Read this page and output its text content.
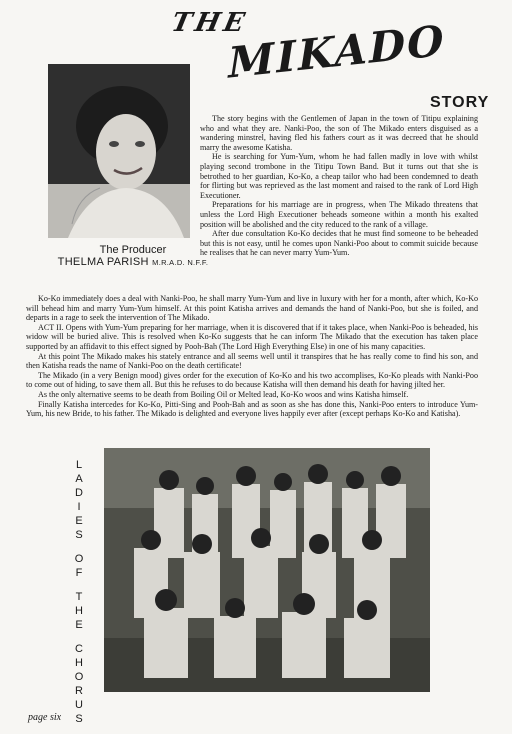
THE
MIKADO
STORY
The Producer
THELMA PARISH M.R.A.D. N.F.F.

The story begins with the Gentlemen of Japan in the town of Titipu explaining who and what they are. Nanki-Poo, the son of The Mikado enters disguised as a wandering minstrel, having fled his fathers court as it was decreed that he should marry the awesome Katisha.

He is searching for Yum-Yum, whom he had fallen madly in love with whilst playing second trombone in the Titipu Town Band. But it turns out that she is betrothed to her guardian, Ko-Ko, a cheap tailor who had been condemned to death for flirting but was reprieved as the last moment and raised to the rank of Lord High Executioner.

Preparations for his marriage are in progress, when The Mikado threatens that unless the Lord High Executioner beheads someone within a month his exalted position will be abolished and the city reduced to the rank of a village.

After due consultation Ko-Ko decides that he must find someone to be beheaded but this is not easy, until he comes upon Nanki-Poo about to commit suicide because he realises that he can never marry Yum-Yum.

Ko-Ko immediately does a deal with Nanki-Poo, he shall marry Yum-Yum and live in luxury with her for a month, after which, Ko-Ko will behead him and marry Yum-Yum himself. At this point Katisha arrives and demands the hand of Nanki-Poo, but she is foiled, and departs in a rage to seek the intervention of The Mikado.

ACT II. Opens with Yum-Yum preparing for her marriage, when it is discovered that if it takes place, when Nanki-Poo is beheaded, his widow will be buried alive. This is resolved when Ko-Ko suggests that he can inform The Mikado that the execution has taken place supported by an affidavit to this effect signed by Pooh-Bah (The Lord High Everything Else) in one of his many capacities.

At this point The Mikado makes his stately entrance and all seems well until it transpires that he has really come to find his son, and then Katisha reads the name of Nanki-Poo on the death certificate!

The Mikado (in a very Benign mood) gives order for the execution of Ko-Ko and his two accomplises, Ko-Ko pleads with Nanki-Poo to come out of hiding, to save them all. But this he refuses to do because Katisha will then demand his death for having jilted her.

As the only alternative seems to be death from Boiling Oil or Melted lead, Ko-Ko woos and wins Katisha himself.

Finally Katisha intercedes for Ko-Ko, Pitti-Sing and Pooh-Bah and as soon as she has done this, Nanki-Poo enters to introduce Yum-Yum, his new Bride, to his father. The Mikado is delighted and everyone lives happily ever after (except perhaps Ko-Ko and Katisha).

L
A
D
I
E
S
O
F
T
H
E
C
H
O
R
U
S
page six
